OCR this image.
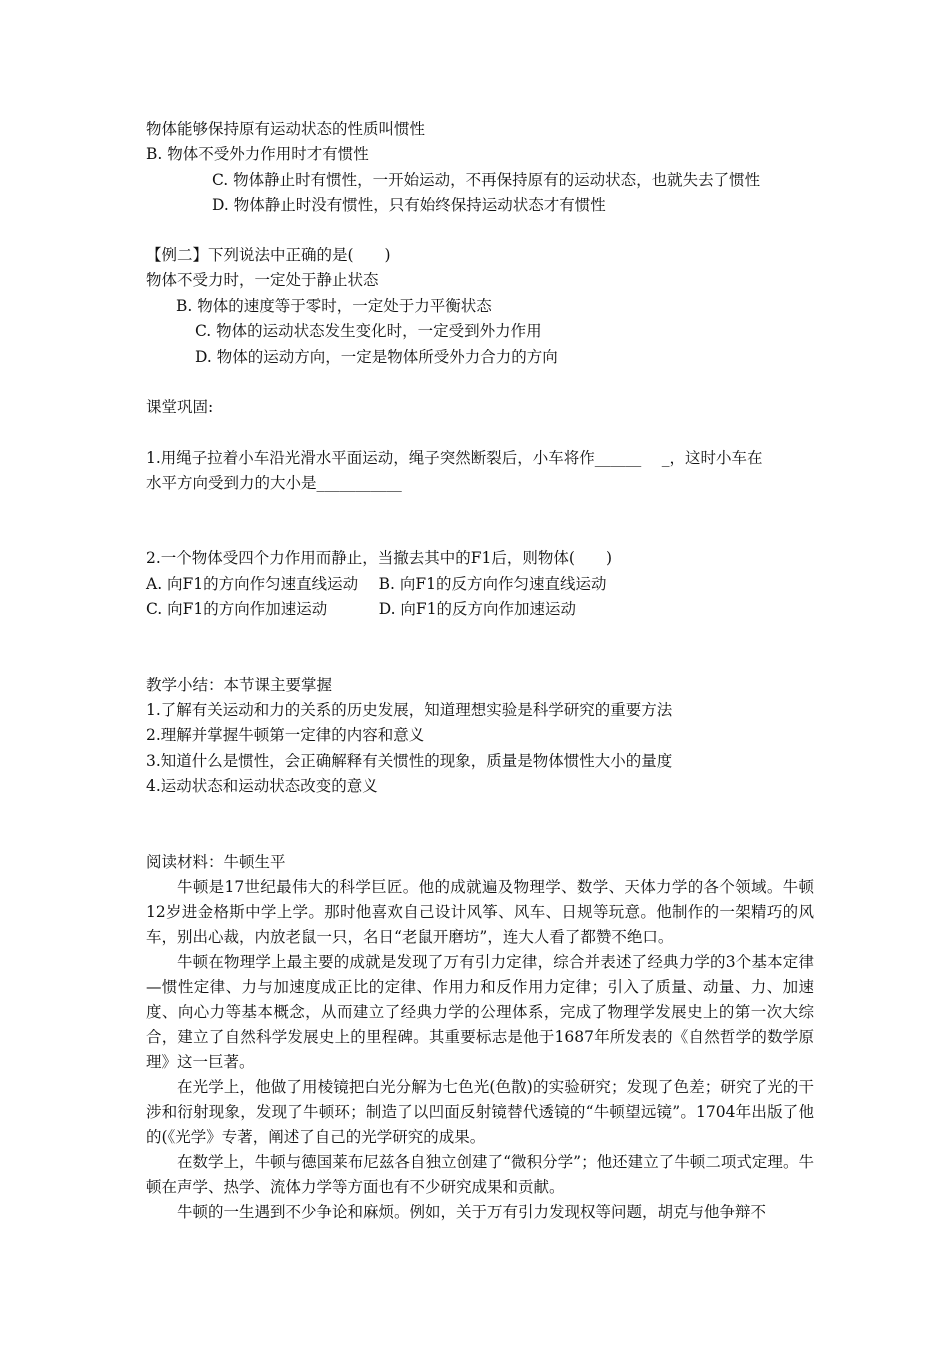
物体能够保持原有运动状态的性质叫惯性
B. 物体不受外力作用时才有惯性
C. 物体静止时有惯性，一开始运动，不再保持原有的运动状态，也就失去了惯性
D. 物体静止时没有惯性，只有始终保持运动状态才有惯性
【例二】下列说法中正确的是(　　)
物体不受力时，一定处于静止状态
B. 物体的速度等于零时，一定处于力平衡状态
C. 物体的运动状态发生变化时，一定受到外力作用
D. 物体的运动方向，一定是物体所受外力合力的方向
课堂巩固:
1.用绳子拉着小车沿光滑水平面运动，绳子突然断裂后，小车将作______　 _，这时小车在
水平方向受到力的大小是___________
2.一个物体受四个力作用而静止，当撤去其中的F1后，则物体(　　)
A. 向F1的方向作匀速直线运动　 B. 向F1的反方向作匀速直线运动
C. 向F1的方向作加速运动　　　 D. 向F1的反方向作加速运动
教学小结：本节课主要掌握
1.了解有关运动和力的关系的历史发展，知道理想实验是科学研究的重要方法
2.理解并掌握牛顿第一定律的内容和意义
3.知道什么是惯性，会正确解释有关惯性的现象，质量是物体惯性大小的量度
4.运动状态和运动状态改变的意义
阅读材料：牛顿生平

牛顿是17世纪最伟大的科学巨匠。他的成就遍及物理学、数学、天体力学的各个领域。牛顿12岁进金格斯中学上学。那时他喜欢自己设计风筝、风车、日规等玩意。他制作的一架精巧的风车，别出心裁，内放老鼠一只，名日“老鼠开磨坊”，连大人看了都赞不绝口。

牛顿在物理学上最主要的成就是发现了万有引力定律，综合并表述了经典力学的3个基本定律—惯性定律、力与加速度成正比的定律、作用力和反作用力定律；引入了质量、动量、力、加速度、向心力等基本概念，从而建立了经典力学的公理体系，完成了物理学发展史上的第一次大综合，建立了自然科学发展史上的里程碑。其重要标志是他于1687年所发表的《自然哲学的数学原理》这一巨著。

在光学上，他做了用棱镜把白光分解为七色光(色散)的实验研究；发现了色差；研究了光的干涉和衍射现象，发现了牛顿环；制造了以凹面反射镜替代透镜的“牛顿望远镜”。1704年出版了他的(《光学》专著，阐述了自己的光学研究的成果。

在数学上，牛顿与德国莱布尼兹各自独立创建了“微积分学”；他还建立了牛顿二项式定理。牛顿在声学、热学、流体力学等方面也有不少研究成果和贡献。

牛顿的一生遇到不少争论和麻烦。例如，关于万有引力发现权等问题，胡克与他争辩不
